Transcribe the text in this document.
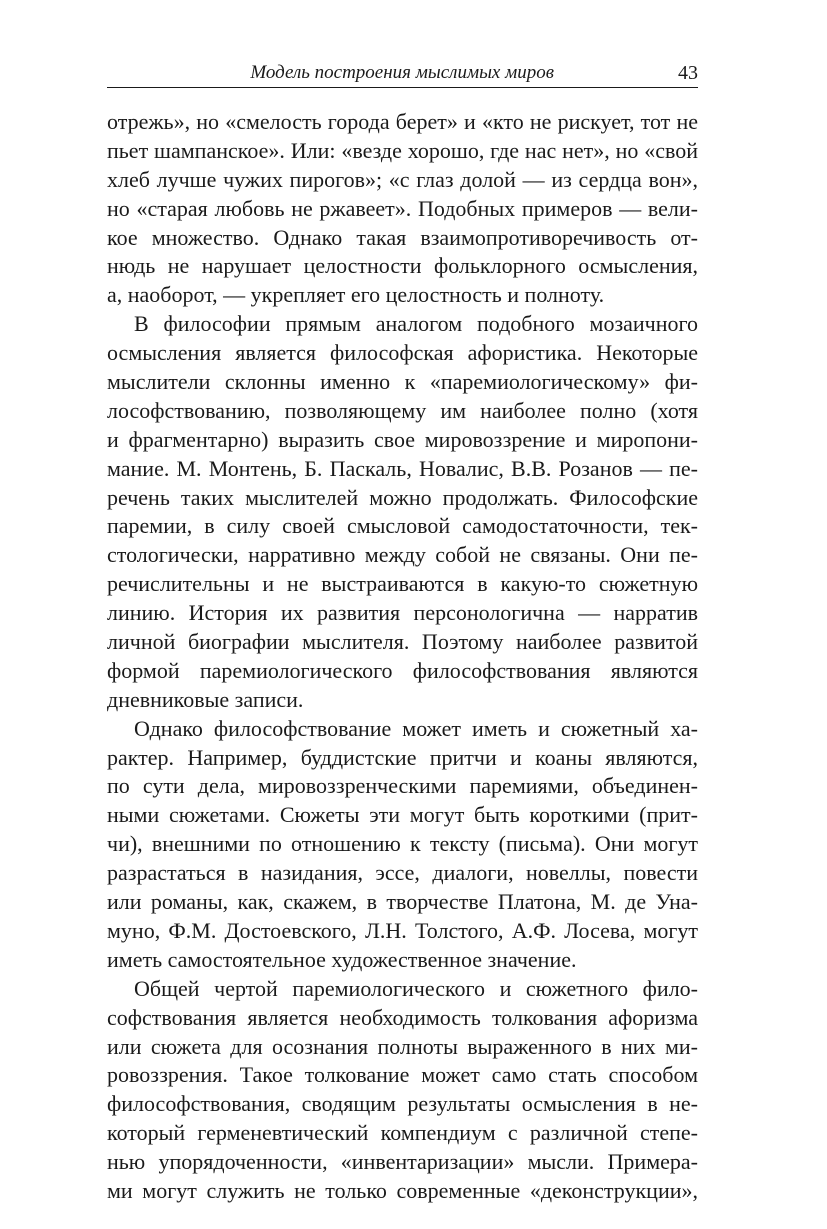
Модель построения мыслимых миров	43

отрежь», но «смелость города берет» и «кто не рискует, тот не
пьет шампанское». Или: «везде хорошо, где нас нет», но «свой
хлеб лучше чужих пирогов»; «с глаз долой — из сердца вон»,
но «старая любовь не ржавеет». Подобных примеров — вели-
кое множество. Однако такая взаимопротиворечивость от-
нюдь не нарушает целостности фольклорного осмысления,
а, наоборот, — укрепляет его целостность и полноту.

В философии прямым аналогом подобного мозаичного
осмысления является философская афористика. Некоторые
мыслители склонны именно к «паремиологическому» фи-
лософствованию, позволяющему им наиболее полно (хотя
и фрагментарно) выразить свое мировоззрение и миропони-
мание. М. Монтень, Б. Паскаль, Новалис, В.В. Розанов — пе-
речень таких мыслителей можно продолжать. Философские
паремии, в силу своей смысловой самодостаточности, тек-
стологически, нарративно между собой не связаны. Они пе-
речислительны и не выстраиваются в какую-то сюжетную
линию. История их развития персонологична — нарратив
личной биографии мыслителя. Поэтому наиболее развитой
формой паремиологического философствования являются
дневниковые записи.

Однако философствование может иметь и сюжетный ха-
рактер. Например, буддистские притчи и коаны являются,
по сути дела, мировоззренческими паремиями, объединен-
ными сюжетами. Сюжеты эти могут быть короткими (прит-
чи), внешними по отношению к тексту (письма). Они могут
разрастаться в назидания, эссе, диалоги, новеллы, повести
или романы, как, скажем, в творчестве Платона, М. де Уна-
муно, Ф.М. Достоевского, Л.Н. Толстого, А.Ф. Лосева, могут
иметь самостоятельное художественное значение.

Общей чертой паремиологического и сюжетного фило-
софствования является необходимость толкования афоризма
или сюжета для осознания полноты выраженного в них ми-
ровоззрения. Такое толкование может само стать способом
философствования, сводящим результаты осмысления в не-
который герменевтический компендиум с различной степе-
нью упорядоченности, «инвентаризации» мысли. Примера-
ми могут служить не только современные «деконструкции»,
